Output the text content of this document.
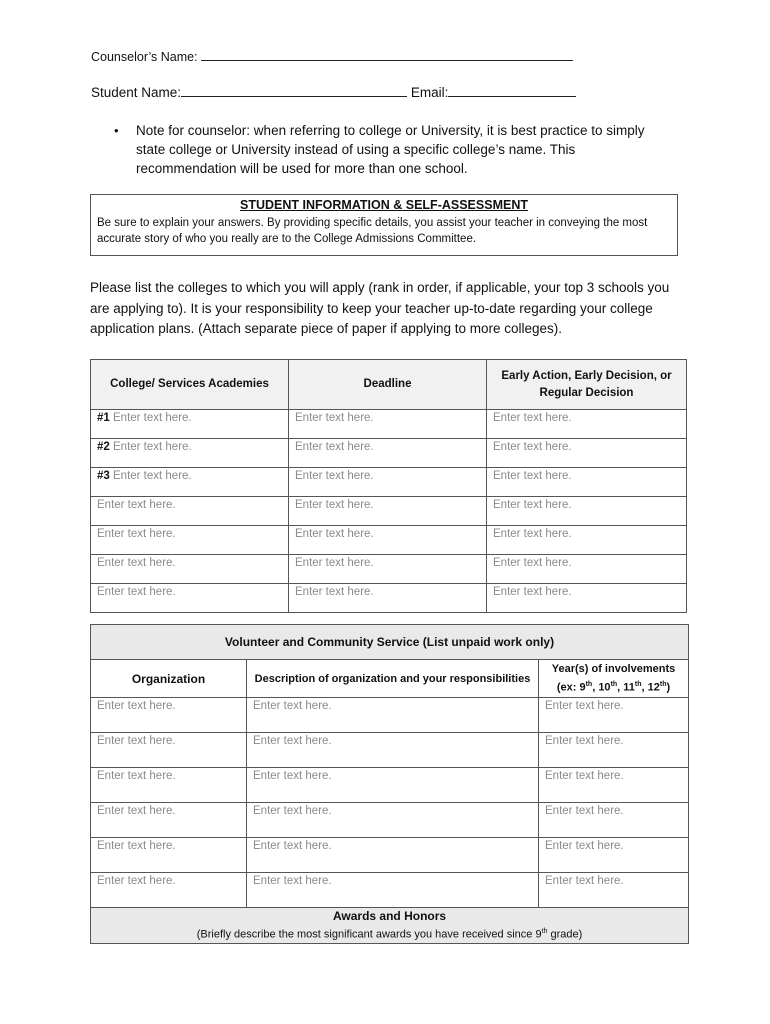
Counselor’s Name:
Student Name:	Email:
• Note for counselor: when referring to college or University, it is best practice to simply state college or University instead of using a specific college’s name. This recommendation will be used for more than one school.
STUDENT INFORMATION & SELF-ASSESSMENT
Be sure to explain your answers. By providing specific details, you assist your teacher in conveying the most accurate story of who you really are to the College Admissions Committee.
Please list the colleges to which you will apply (rank in order, if applicable, your top 3 schools you are applying to). It is your responsibility to keep your teacher up-to-date regarding your college application plans. (Attach separate piece of paper if applying to more colleges).
College/ Services Academies	Deadline	Early Action, Early Decision, or Regular Decision
#1 Enter text here.	Enter text here.	Enter text here.
#2 Enter text here.	Enter text here.	Enter text here.
#3 Enter text here.	Enter text here.	Enter text here.
Enter text here.	Enter text here.	Enter text here.
Enter text here.	Enter text here.	Enter text here.
Enter text here.	Enter text here.	Enter text here.
Enter text here.	Enter text here.	Enter text here.
Volunteer and Community Service (List unpaid work only)		
Organization	Description of organization and your responsibilities	Year(s) of involvements
(ex: 9th, 10th, 11th, 12th)

Enter text here.	Enter text here.	Enter text here.
Enter text here.	Enter text here.	Enter text here.
Enter text here.	Enter text here.	Enter text here.
Enter text here.	Enter text here.	Enter text here.
Enter text here.	Enter text here.	Enter text here.
Enter text here.	Enter text here.	Enter text here.

Awards and Honors
(Briefly describe the most significant awards you have received since 9th grade)		
